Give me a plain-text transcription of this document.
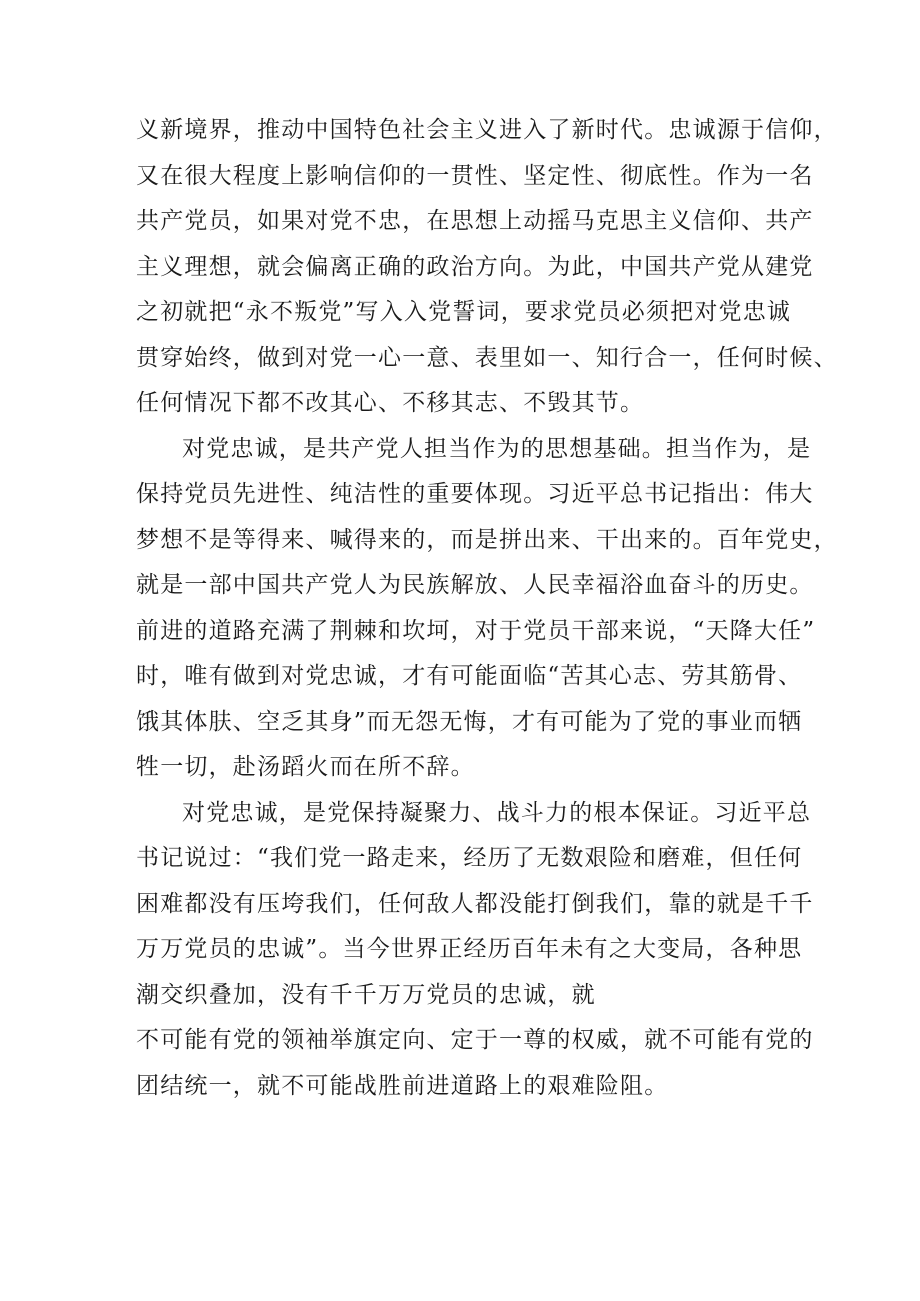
义新境界，推动中国特色社会主义进入了新时代。忠诚源于信仰，
又在很大程度上影响信仰的一贯性、坚定性、彻底性。作为一名
共产党员，如果对党不忠，在思想上动摇马克思主义信仰、共产
主义理想，就会偏离正确的政治方向。为此，中国共产党从建党
之初就把“永不叛党”写入入党誓词，要求党员必须把对党忠诚
贯穿始终，做到对党一心一意、表里如一、知行合一，任何时候、
任何情况下都不改其心、不移其志、不毁其节。
对党忠诚，是共产党人担当作为的思想基础。担当作为，是
保持党员先进性、纯洁性的重要体现。习近平总书记指出：伟大
梦想不是等得来、喊得来的，而是拼出来、干出来的。百年党史，
就是一部中国共产党人为民族解放、人民幸福浴血奋斗的历史。
前进的道路充满了荆棘和坎坷，对于党员干部来说，“天降大任”
时，唯有做到对党忠诚，才有可能面临“苦其心志、劳其筋骨、
饿其体肤、空乏其身”而无怨无悔，才有可能为了党的事业而牺
牲一切，赴汤蹈火而在所不辞。
对党忠诚，是党保持凝聚力、战斗力的根本保证。习近平总
书记说过：“我们党一路走来，经历了无数艰险和磨难，但任何
困难都没有压垮我们，任何敌人都没能打倒我们，靠的就是千千
万万党员的忠诚”。当今世界正经历百年未有之大变局，各种思
潮交织叠加，没有千千万万党员的忠诚，就
不可能有党的领袖举旗定向、定于一尊的权威，就不可能有党的
团结统一，就不可能战胜前进道路上的艰难险阻。
